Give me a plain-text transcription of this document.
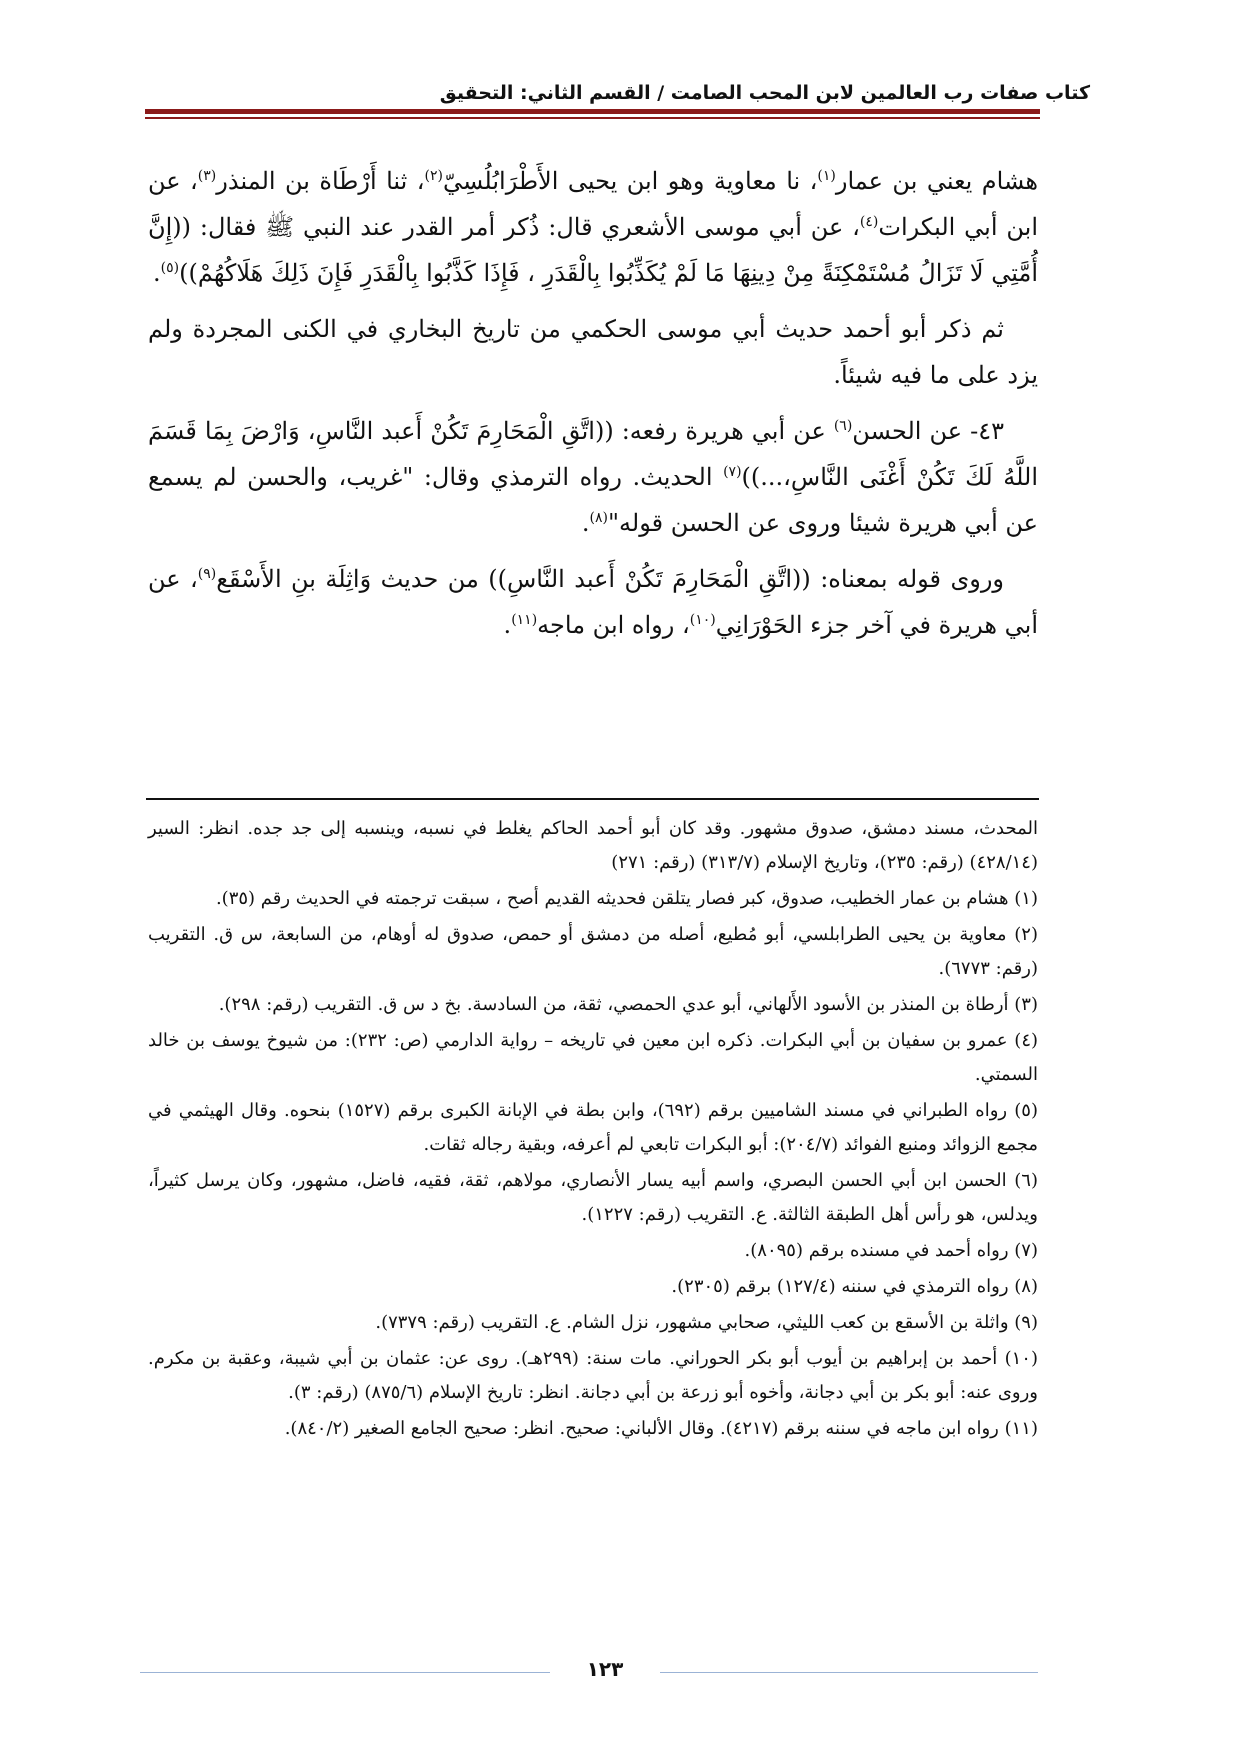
كتاب صفات رب العالمين لابن المحب الصامت / القسم الثاني: التحقيق

هشام يعني بن عمار$^{(١)}$، نا معاوية وهو ابن يحيى الأَطْرَابُلُسِيّ$^{(٢)}$، ثنا أَرْطَاة بن المنذر$^{(٣)}$، عن ابن أبي البكرات$^{(٤)}$، عن أبي موسى الأشعري قال: ذُكر أمر القدر عند النبي ﷺ فقال: ((إِنَّ أُمَّتِي لَا تَزَالُ مُسْتَمْكِنَةً مِنْ دِينِهَا مَا لَمْ يُكَذِّبُوا بِالْقَدَرِ ، فَإِذَا كَذَّبُوا بِالْقَدَرِ فَإِنَ ذَلِكَ هَلَاكُهُمْ))$^{(٥)}$.

ثم ذكر أبو أحمد حديث أبي موسى الحكمي من تاريخ البخاري في الكنى المجردة ولم يزد على ما فيه شيئاً.

٤٣- عن الحسن$^{(٦)}$ عن أبي هريرة رفعه: ((اتَّقِ الْمَحَارِمَ تَكُنْ أَعبد النَّاسِ، وَارْضَ بِمَا قَسَمَ اللَّهُ لَكَ تَكُنْ أَغْنَى النَّاسِ،...))$^{(٧)}$ الحديث. رواه الترمذي وقال: "غريب، والحسن لم يسمع عن أبي هريرة شيئا وروى عن الحسن قوله"$^{(٨)}$.

وروى قوله بمعناه: ((اتَّقِ الْمَحَارِمَ تَكُنْ أَعبد النَّاسِ)) من حديث وَاثِلَة بنِ الأَسْقَع$^{(٩)}$، عن أبي هريرة في آخر جزء الحَوْرَانِي$^{(١٠)}$، رواه ابن ماجه$^{(١١)}$.

المحدث، مسند دمشق، صدوق مشهور. وقد كان أبو أحمد الحاكم يغلط في نسبه، وينسبه إلى جد جده. انظر: السير (٤٢٨/١٤) (رقم: ٢٣٥)، وتاريخ الإسلام (٣١٣/٧) (رقم: ٢٧١)
(١) هشام بن عمار الخطيب، صدوق، كبر فصار يتلقن فحديثه القديم أصح ، سبقت ترجمته في الحديث رقم (٣٥).
(٢) معاوية بن يحيى الطرابلسي، أبو مُطيع، أصله من دمشق أو حمص، صدوق له أوهام، من السابعة، س ق. التقريب (رقم: ٦٧٧٣).
(٣) أرطاة بن المنذر بن الأسود الأَلهاني، أبو عدي الحمصي، ثقة، من السادسة. بخ د س ق. التقريب (رقم: ٢٩٨).
(٤) عمرو بن سفيان بن أبي البكرات. ذكره ابن معين في تاريخه – رواية الدارمي (ص: ٢٣٢): من شيوخ يوسف بن خالد السمتي.
(٥) رواه الطبراني في مسند الشاميين برقم (٦٩٢)، وابن بطة في الإبانة الكبرى برقم (١٥٢٧) بنحوه. وقال الهيثمي في مجمع الزوائد ومنبع الفوائد (٢٠٤/٧): أبو البكرات تابعي لم أعرفه، وبقية رجاله ثقات.
(٦) الحسن ابن أبي الحسن البصري، واسم أبيه يسار الأنصاري، مولاهم، ثقة، فقيه، فاضل، مشهور، وكان يرسل كثيراً، ويدلس، هو رأس أهل الطبقة الثالثة. ع. التقريب (رقم: ١٢٢٧).
(٧) رواه أحمد في مسنده برقم (٨٠٩٥).
(٨) رواه الترمذي في سننه (١٢٧/٤) برقم (٢٣٠٥).
(٩) واثلة بن الأسقع بن كعب الليثي، صحابي مشهور، نزل الشام. ع. التقريب (رقم: ٧٣٧٩).
(١٠) أحمد بن إبراهيم بن أيوب أبو بكر الحوراني. مات سنة: (٢٩٩هـ). روى عن: عثمان بن أبي شيبة، وعقبة بن مكرم. وروى عنه: أبو بكر بن أبي دجانة، وأخوه أبو زرعة بن أبي دجانة. انظر: تاريخ الإسلام (٨٧٥/٦) (رقم: ٣).
(١١) رواه ابن ماجه في سننه برقم (٤٢١٧). وقال الألباني: صحيح. انظر: صحيح الجامع الصغير (٨٤٠/٢).
١٢٣
